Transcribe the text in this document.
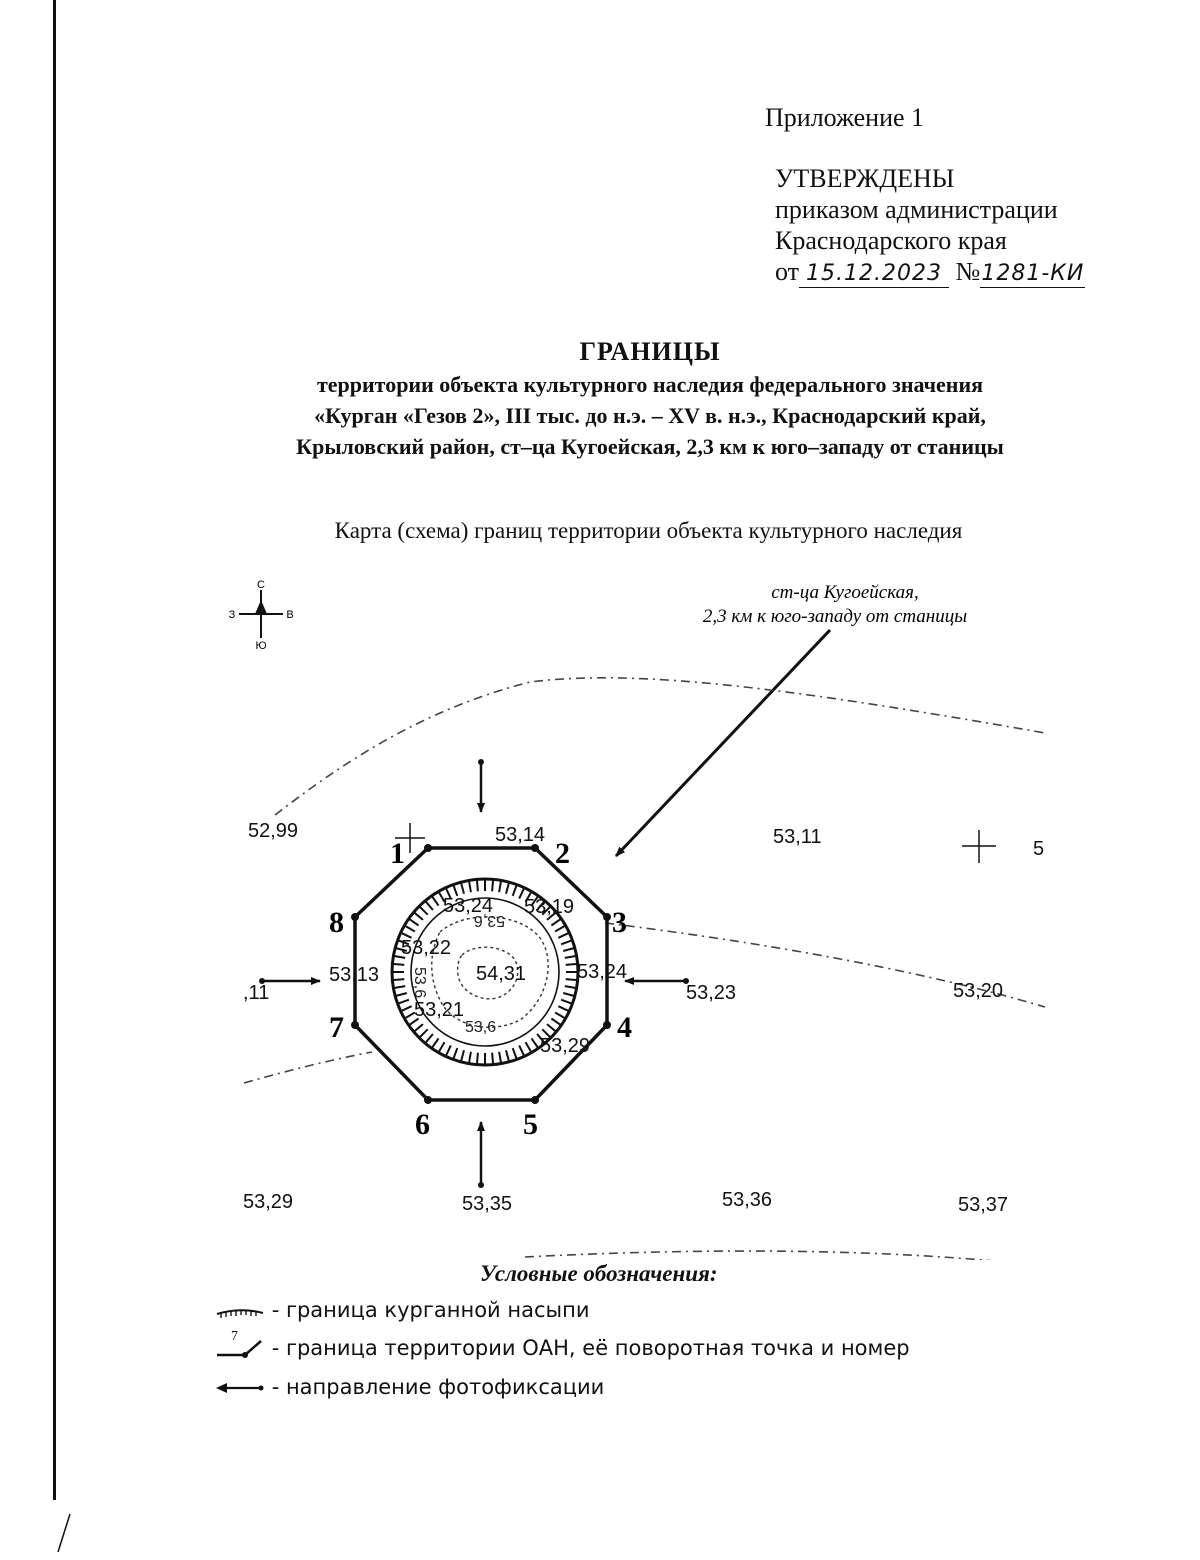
Приложение 1
УТВЕРЖДЕНЫ
приказом администрации
Краснодарского края
от 15.12.2023 №1281-КИ
ГРАНИЦЫ
территории объекта культурного наследия федерального значения
«Курган «Гезов 2», III тыс. до н.э. – XV в. н.э., Краснодарский край,
Крыловский район, ст–ца Кугоейская, 2,3 км к юго–западу от станицы
Карта (схема) границ территории объекта культурного наследия
С
Ю
З	В
ст-ца Кугоейская,
2,3 км к юго-западу от станицы
1	2
3
4
5
6
7
8	53,6
53,6
53,6
52,99	53,14	53,11
5
53,24 53,19
53,22
53,13	54,31	53,24
53,23	53,20
,11
53,21
53,29
53,29	53,35	53,36	53,37
Условные обозначения:
- граница курганной насыпи
7 - граница территории ОАН, её поворотная точка и номер
- направление фотофиксации
